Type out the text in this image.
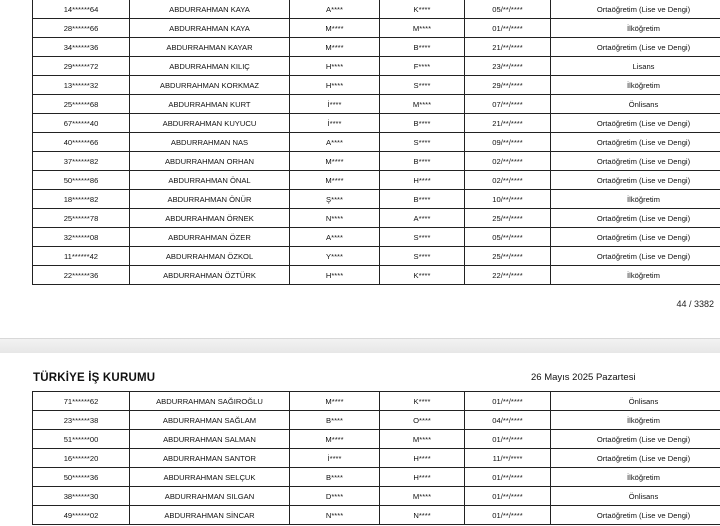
14******64	ABDURRAHMAN KAYA	A****	K****	05/**/****	Ortaöğretim (Lise ve Dengi)
28******66	ABDURRAHMAN KAYA	M****	M****	01/**/****	İlköğretim
34******36	ABDURRAHMAN KAYAR	M****	B****	21/**/****	Ortaöğretim (Lise ve Dengi)
29******72	ABDURRAHMAN KILIÇ	H****	F****	23/**/****	Lisans
13******32	ABDURRAHMAN KORKMAZ	H****	S****	29/**/****	İlköğretim
25******68	ABDURRAHMAN KURT	İ****	M****	07/**/****	Önlisans
67******40	ABDURRAHMAN KUYUCU	İ****	B****	21/**/****	Ortaöğretim (Lise ve Dengi)
40******66	ABDURRAHMAN NAS	A****	S****	09/**/****	Ortaöğretim (Lise ve Dengi)
37******82	ABDURRAHMAN ORHAN	M****	B****	02/**/****	Ortaöğretim (Lise ve Dengi)
50******86	ABDURRAHMAN ÖNAL	M****	H****	02/**/****	Ortaöğretim (Lise ve Dengi)
18******82	ABDURRAHMAN ÖNÜR	Ş****	B****	10/**/****	İlköğretim
25******78	ABDURRAHMAN ÖRNEK	N****	A****	25/**/****	Ortaöğretim (Lise ve Dengi)
32******08	ABDURRAHMAN ÖZER	A****	S****	05/**/****	Ortaöğretim (Lise ve Dengi)
11******42	ABDURRAHMAN ÖZKOL	Y****	S****	25/**/****	Ortaöğretim (Lise ve Dengi)
22******36	ABDURRAHMAN ÖZTÜRK	H****	K****	22/**/****	İlköğretim
44 / 3382
TÜRKİYE İŞ KURUMU	26 Mayıs 2025 Pazartesi
71******62	ABDURRAHMAN SAĞIROĞLU	M****	K****	01/**/****	Önlisans
23******38	ABDURRAHMAN SAĞLAM	B****	O****	04/**/****	İlköğretim
51******00	ABDURRAHMAN SALMAN	M****	M****	01/**/****	Ortaöğretim (Lise ve Dengi)
16******20	ABDURRAHMAN SANTOR	İ****	H****	11/**/****	Ortaöğretim (Lise ve Dengi)
50******36	ABDURRAHMAN SELÇUK	B****	H****	01/**/****	İlköğretim
38******30	ABDURRAHMAN SILGAN	D****	M****	01/**/****	Önlisans
49******02	ABDURRAHMAN SİNCAR	N****	N****	01/**/****	Ortaöğretim (Lise ve Dengi)
